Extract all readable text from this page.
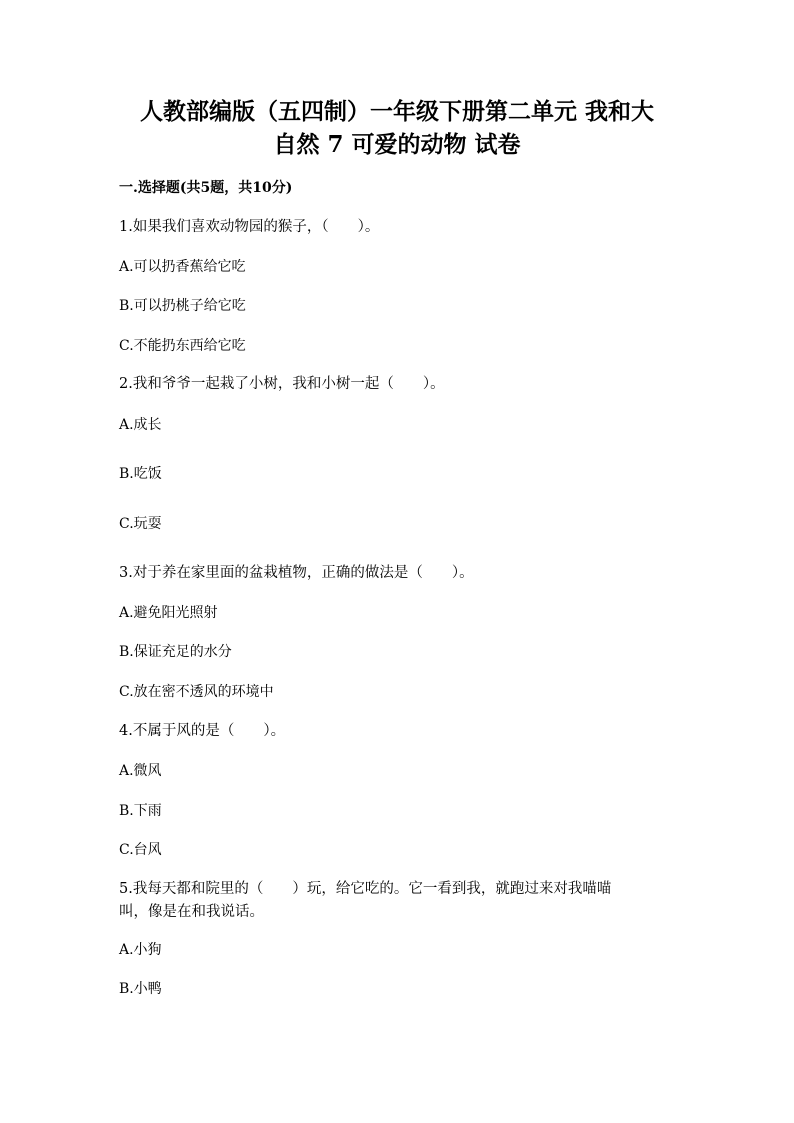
人教部编版（五四制）一年级下册第二单元 我和大
自然 7 可爱的动物 试卷

一.选择题(共5题，共10分)

1.如果我们喜欢动物园的猴子，（　　）。

A.可以扔香蕉给它吃

B.可以扔桃子给它吃

C.不能扔东西给它吃

2.我和爷爷一起栽了小树，我和小树一起（　　）。

A.成长

B.吃饭

C.玩耍

3.对于养在家里面的盆栽植物，正确的做法是（　　）。

A.避免阳光照射

B.保证充足的水分

C.放在密不透风的环境中

4.不属于风的是（　　）。

A.微风

B.下雨

C.台风

5.我每天都和院里的（　　）玩，给它吃的。它一看到我，就跑过来对我喵喵

叫，像是在和我说话。

A.小狗

B.小鸭
